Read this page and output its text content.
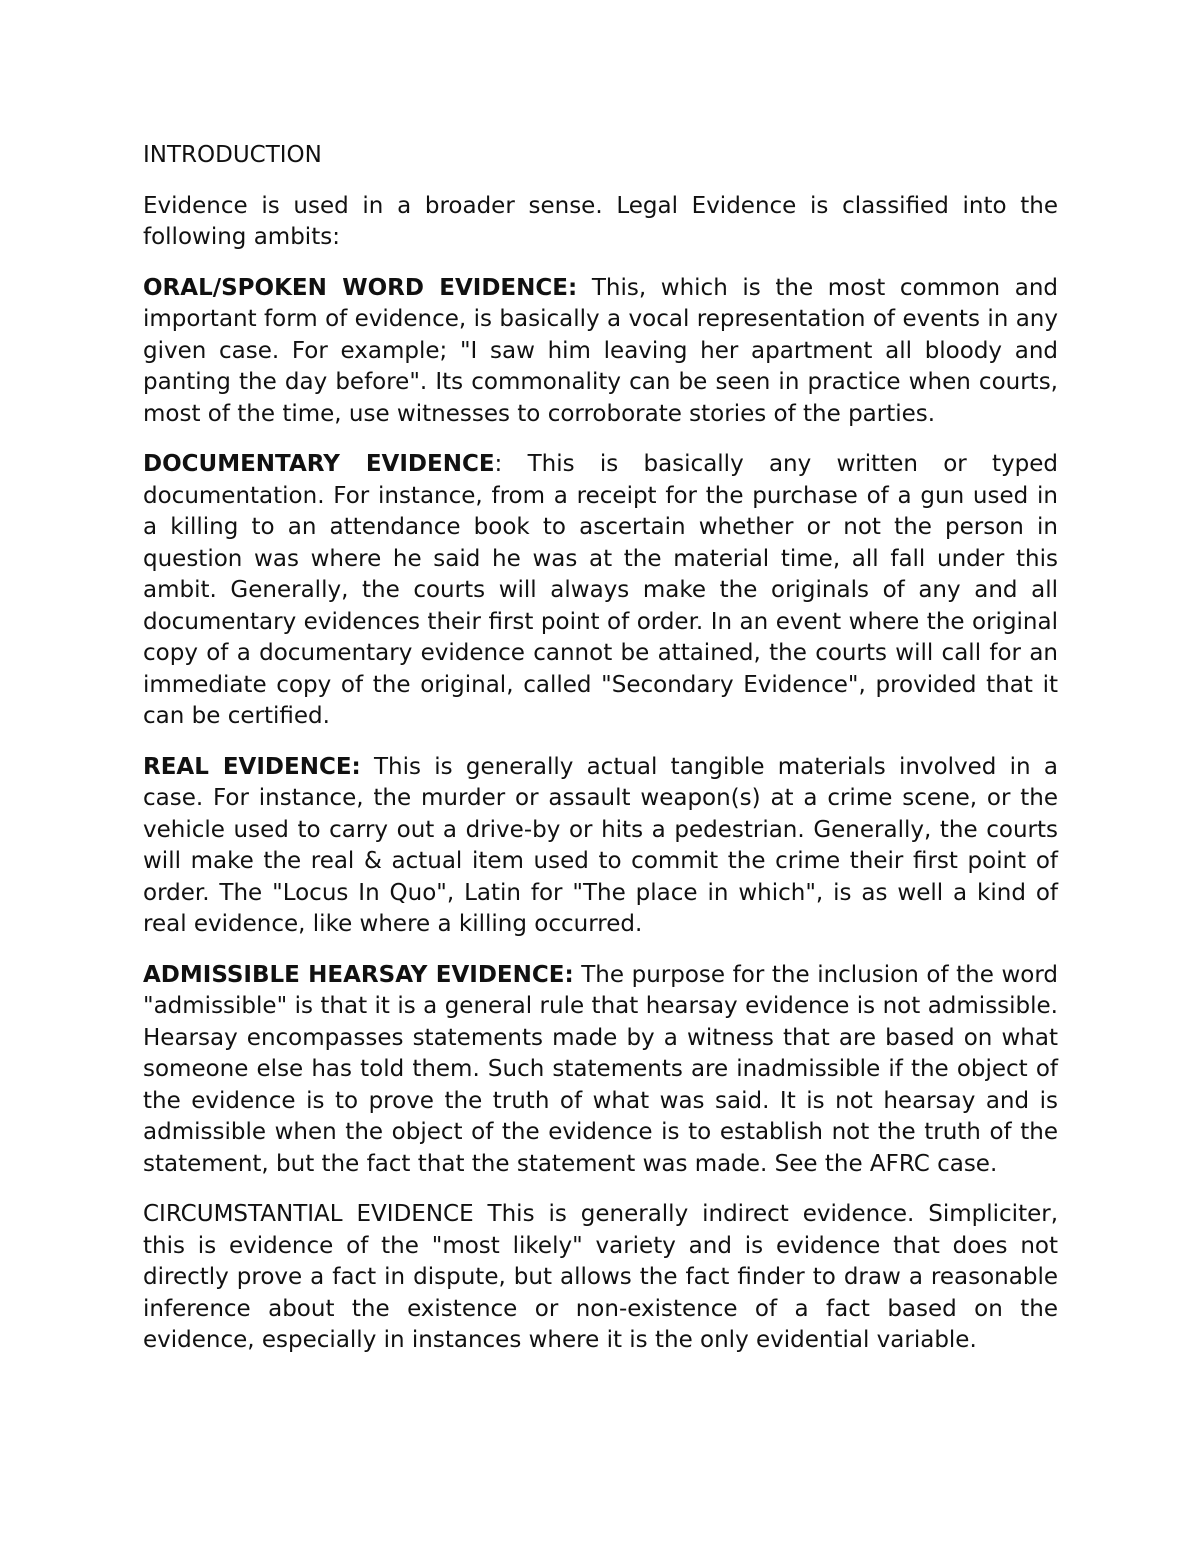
INTRODUCTION

Evidence is used in a broader sense. Legal Evidence is classified into the following ambits:

ORAL/SPOKEN WORD EVIDENCE: This, which is the most common and important form of evidence, is basically a vocal representation of events in any given case. For example; "I saw him leaving her apartment all bloody and panting the day before". Its commonality can be seen in practice when courts, most of the time, use witnesses to corroborate stories of the parties.

DOCUMENTARY EVIDENCE: This is basically any written or typed documentation. For instance, from a receipt for the purchase of a gun used in a killing to an attendance book to ascertain whether or not the person in question was where he said he was at the material time, all fall under this ambit. Generally, the courts will always make the originals of any and all documentary evidences their first point of order. In an event where the original copy of a documentary evidence cannot be attained, the courts will call for an immediate copy of the original, called "Secondary Evidence", provided that it can be certified.

REAL EVIDENCE: This is generally actual tangible materials involved in a case. For instance, the murder or assault weapon(s) at a crime scene, or the vehicle used to carry out a drive-by or hits a pedestrian. Generally, the courts will make the real & actual item used to commit the crime their first point of order. The "Locus In Quo", Latin for "The place in which", is as well a kind of real evidence, like where a killing occurred.

ADMISSIBLE HEARSAY EVIDENCE: The purpose for the inclusion of the word "admissible" is that it is a general rule that hearsay evidence is not admissible. Hearsay encompasses statements made by a witness that are based on what someone else has told them. Such statements are inadmissible if the object of the evidence is to prove the truth of what was said. It is not hearsay and is admissible when the object of the evidence is to establish not the truth of the statement, but the fact that the statement was made. See the AFRC case.

CIRCUMSTANTIAL EVIDENCE This is generally indirect evidence. Simpliciter, this is evidence of the "most likely" variety and is evidence that does not directly prove a fact in dispute, but allows the fact finder to draw a reasonable inference about the existence or non-existence of a fact based on the evidence, especially in instances where it is the only evidential variable.
